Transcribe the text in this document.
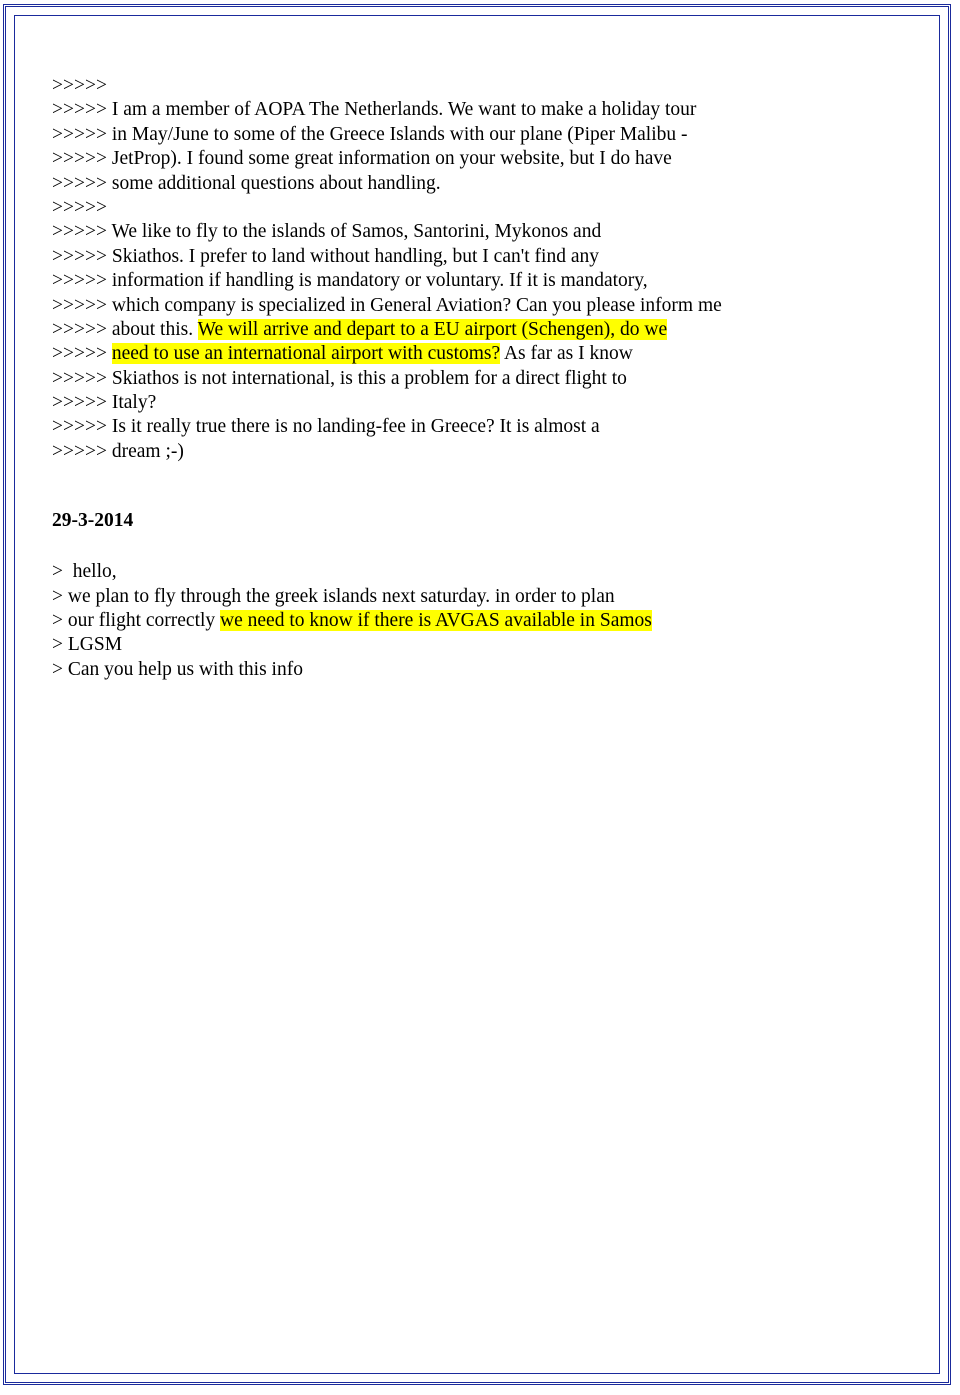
>>>>>
>>>>> I am a member of AOPA The Netherlands. We want to make a holiday tour
>>>>> in May/June to some of the Greece Islands with our plane (Piper Malibu -
>>>>> JetProp). I found some great information on your website, but I do have
>>>>> some additional questions about handling.
>>>>>
>>>>> We like to fly to the islands of Samos, Santorini, Mykonos and
>>>>> Skiathos. I prefer to land without handling, but I can't find any
>>>>> information if handling is mandatory or voluntary. If it is mandatory,
>>>>> which company is specialized in General Aviation? Can you please inform me
>>>>> about this. We will arrive and depart to a EU airport (Schengen), do we
>>>>> need to use an international airport with customs? As far as I know
>>>>> Skiathos is not international, is this a problem for a direct flight to
>>>>> Italy?
>>>>> Is it really true there is no landing-fee in Greece? It is almost a
>>>>> dream ;-)
29-3-2014
>  hello,
> we plan to fly through the greek islands next saturday. in order to plan
> our flight correctly we need to know if there is AVGAS available in Samos
> LGSM
> Can you help us with this info
